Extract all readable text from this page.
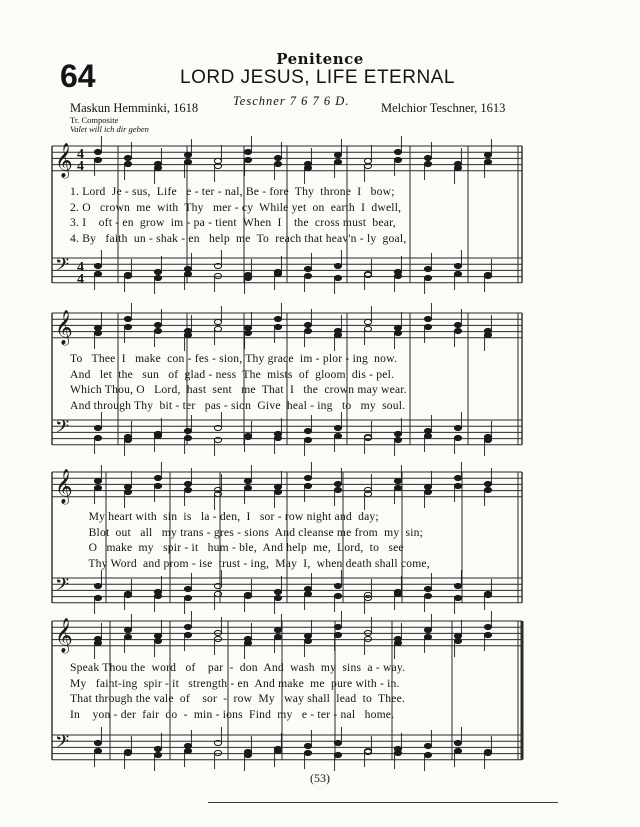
Penitence
64	LORD JESUS, LIFE ETERNAL
Maskun Hemminki, 1618	Teschner 7 6 7 6 D.	Melchior Teschner, 1613
Tr. Composite
Valet will ich dir geben
𝄞
𝄢
𝄞
𝄢
𝄞
𝄢
𝄞
𝄢
4
4
4
4
1. Lord  Je - sus,  Life   e - ter - nal, Be - fore  Thy  throne  I   bow;
2. O   crown  me  with  Thy   mer - cy  While yet  on  earth  I  dwell,
3. I    oft - en  grow  im - pa - tient  When  I    the  cross must  bear,
4. By   faith  un - shak - en   help  me  To  reach that heav'n - ly  goal,
To   Thee  I   make  con - fes - sion, Thy grace  im - plor - ing  now.
And   let  the   sun   of  glad - ness  The  mists  of  gloom  dis - pel.
Which Thou, O   Lord,  hast  sent   me  That  I   the  crown may wear.
And through Thy  bit - ter   pas - sion  Give  heal - ing   to   my  soul.
My heart with  sin  is   la - den,  I   sor - row night and  day;
Blot  out   all   my trans - gres - sions  And cleanse me from  my  sin;
O   make  my   spir - it   hum - ble,  And help  me,  Lord,  to   see
Thy Word  and prom - ise  trust - ing,  May  I,  when death shall come,
Speak Thou the  word   of    par  -  don  And  wash  my  sins  a - way.
My   faint-ing  spir - it   strength - en  And make  me  pure with - in.
That through the vale  of    sor  -  row  My   way shall  lead  to  Thee.
In    yon - der  fair  do  -  min - ions  Find  my   e - ter - nal   home.
(53)
